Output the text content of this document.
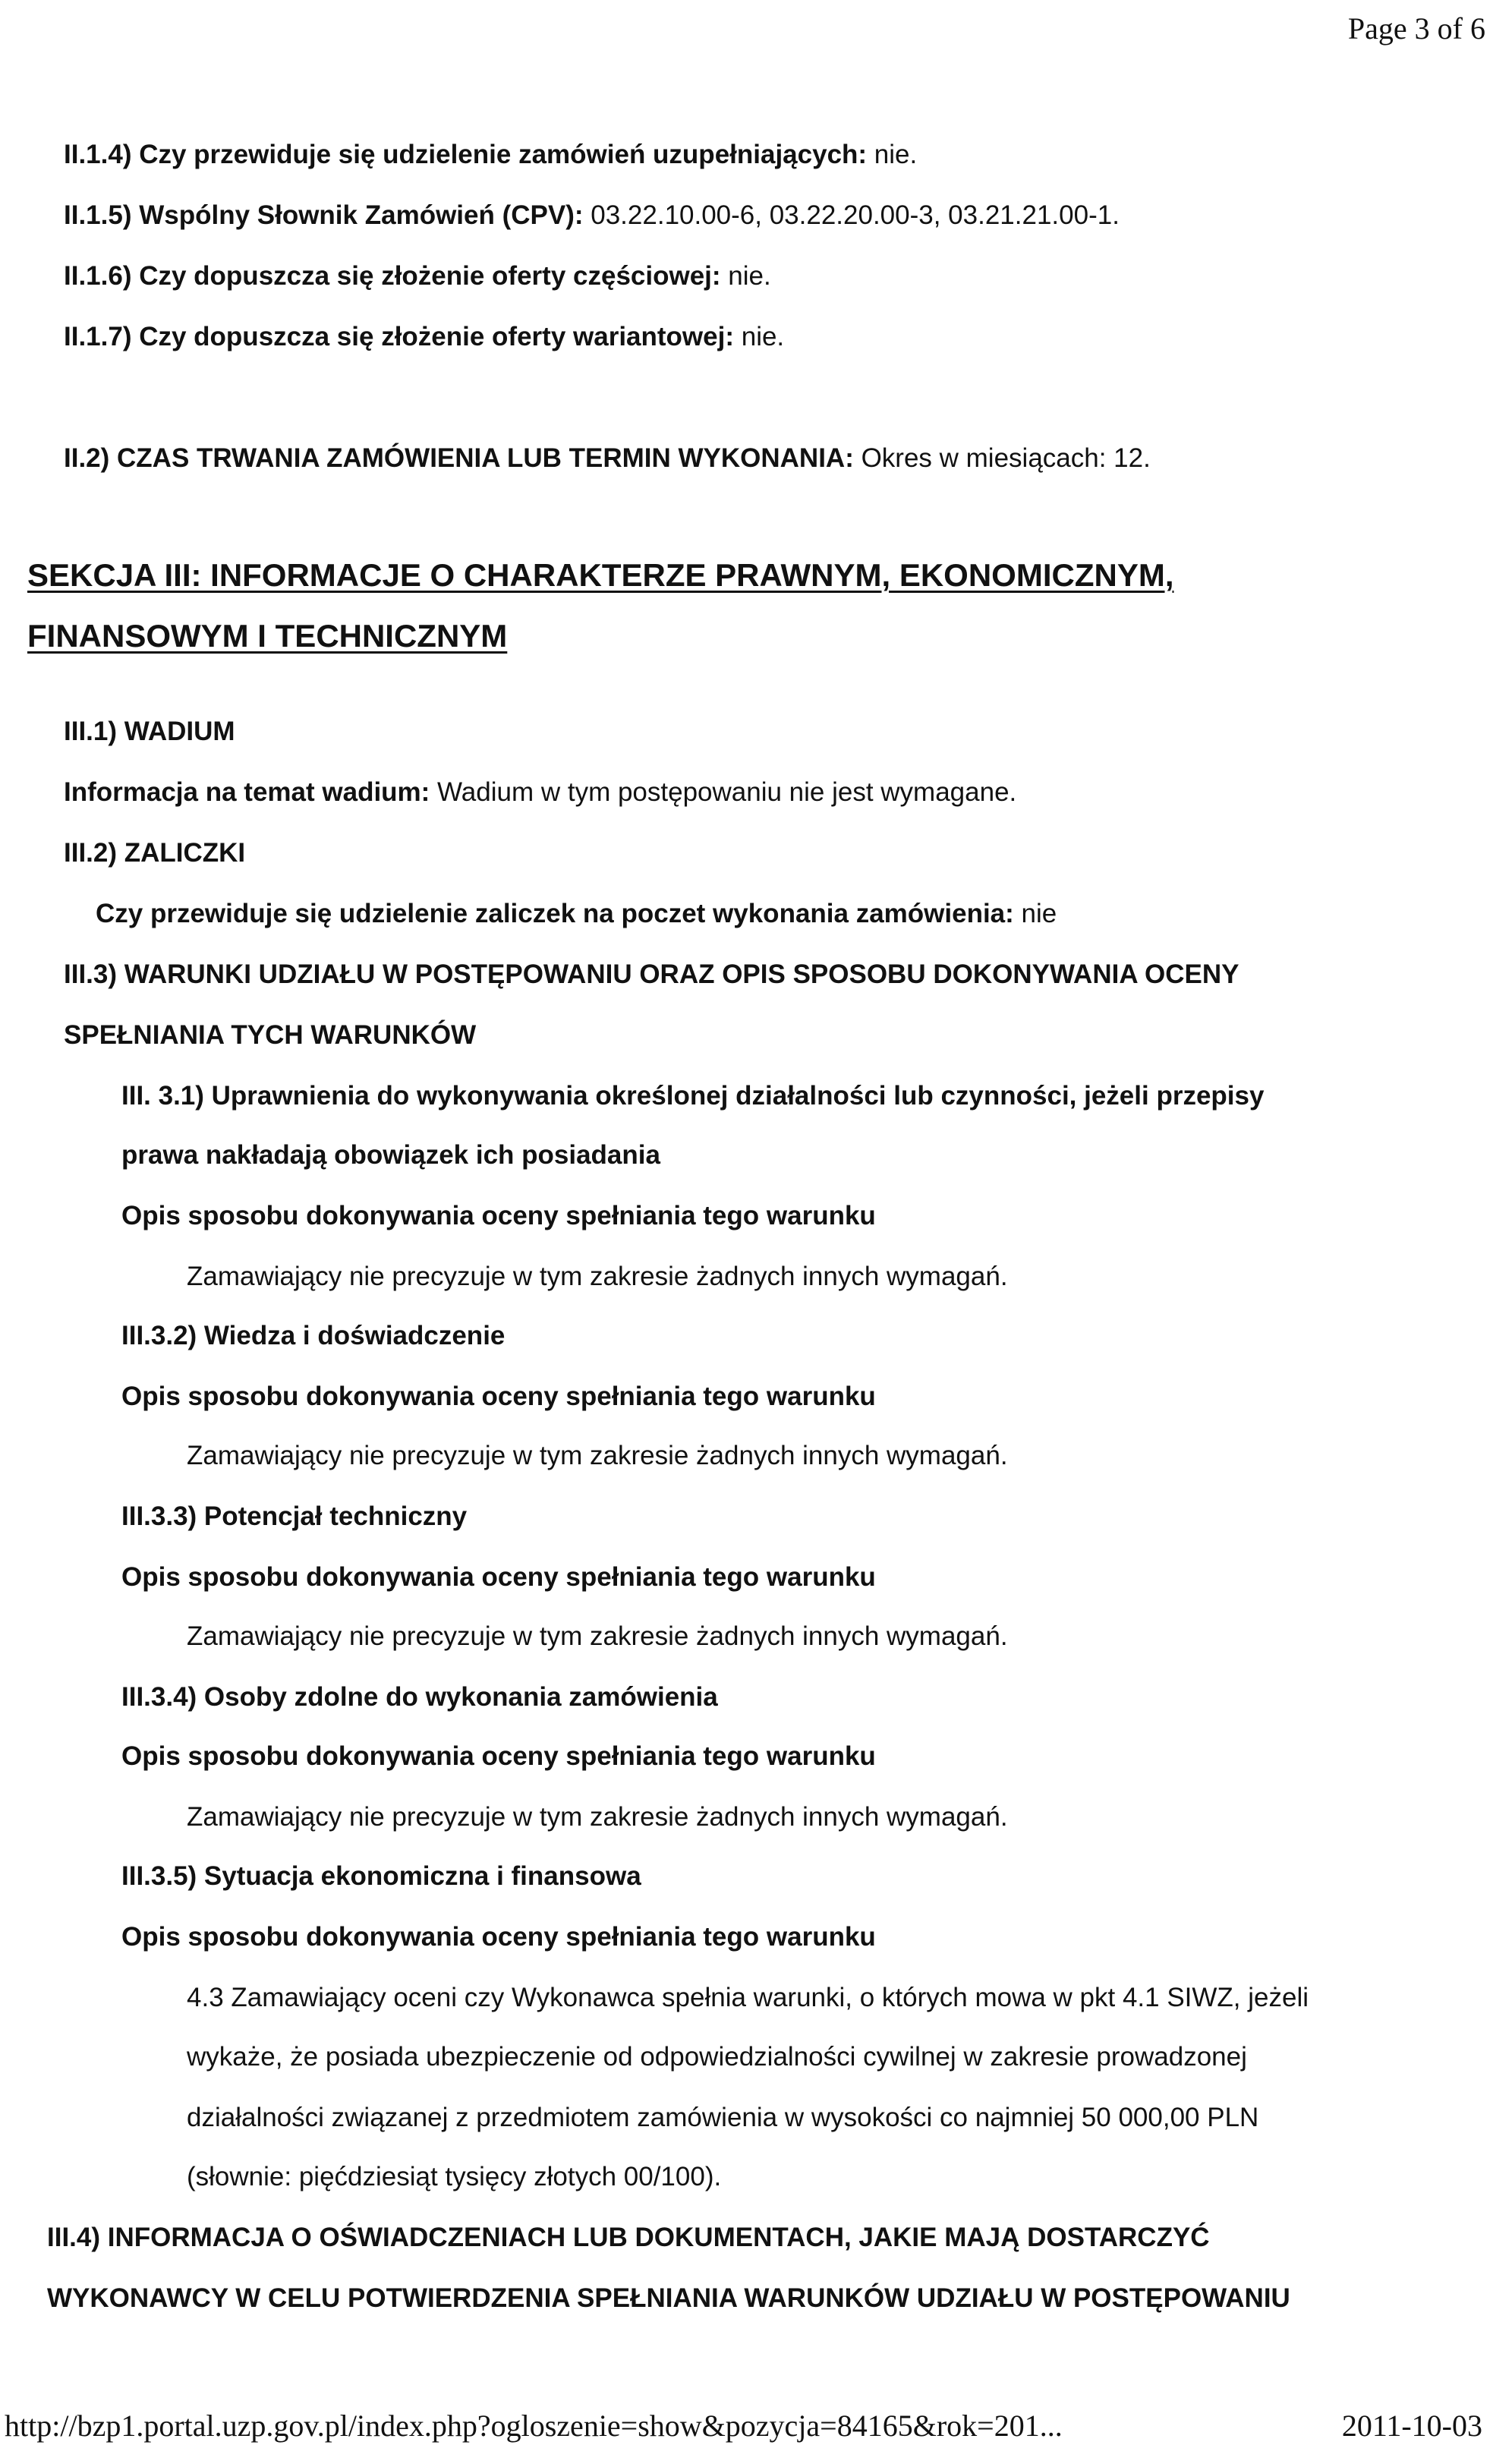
Page 3 of 6
II.1.4) Czy przewiduje się udzielenie zamówień uzupełniających: nie.
II.1.5) Wspólny Słownik Zamówień (CPV): 03.22.10.00-6, 03.22.20.00-3, 03.21.21.00-1.
II.1.6) Czy dopuszcza się złożenie oferty częściowej: nie.
II.1.7) Czy dopuszcza się złożenie oferty wariantowej: nie.
II.2) CZAS TRWANIA ZAMÓWIENIA LUB TERMIN WYKONANIA: Okres w miesiącach: 12.
SEKCJA III: INFORMACJE O CHARAKTERZE PRAWNYM, EKONOMICZNYM,
FINANSOWYM I TECHNICZNYM
III.1) WADIUM
Informacja na temat wadium: Wadium w tym postępowaniu nie jest wymagane.
III.2) ZALICZKI
Czy przewiduje się udzielenie zaliczek na poczet wykonania zamówienia: nie
III.3) WARUNKI UDZIAŁU W POSTĘPOWANIU ORAZ OPIS SPOSOBU DOKONYWANIA OCENY
SPEŁNIANIA TYCH WARUNKÓW
III. 3.1) Uprawnienia do wykonywania określonej działalności lub czynności, jeżeli przepisy
prawa nakładają obowiązek ich posiadania
Opis sposobu dokonywania oceny spełniania tego warunku
Zamawiający nie precyzuje w tym zakresie żadnych innych wymagań.
III.3.2) Wiedza i doświadczenie
Opis sposobu dokonywania oceny spełniania tego warunku
Zamawiający nie precyzuje w tym zakresie żadnych innych wymagań.
III.3.3) Potencjał techniczny
Opis sposobu dokonywania oceny spełniania tego warunku
Zamawiający nie precyzuje w tym zakresie żadnych innych wymagań.
III.3.4) Osoby zdolne do wykonania zamówienia
Opis sposobu dokonywania oceny spełniania tego warunku
Zamawiający nie precyzuje w tym zakresie żadnych innych wymagań.
III.3.5) Sytuacja ekonomiczna i finansowa
Opis sposobu dokonywania oceny spełniania tego warunku
4.3 Zamawiający oceni czy Wykonawca spełnia warunki, o których mowa w pkt 4.1 SIWZ, jeżeli
wykaże, że posiada ubezpieczenie od odpowiedzialności cywilnej w zakresie prowadzonej
działalności związanej z przedmiotem zamówienia w wysokości co najmniej 50 000,00 PLN
(słownie: pięćdziesiąt tysięcy złotych 00/100).
III.4) INFORMACJA O OŚWIADCZENIACH LUB DOKUMENTACH, JAKIE MAJĄ DOSTARCZYĆ
WYKONAWCY W CELU POTWIERDZENIA SPEŁNIANIA WARUNKÓW UDZIAŁU W POSTĘPOWANIU
http://bzp1.portal.uzp.gov.pl/index.php?ogloszenie=show&pozycja=84165&rok=201...	2011-10-03
